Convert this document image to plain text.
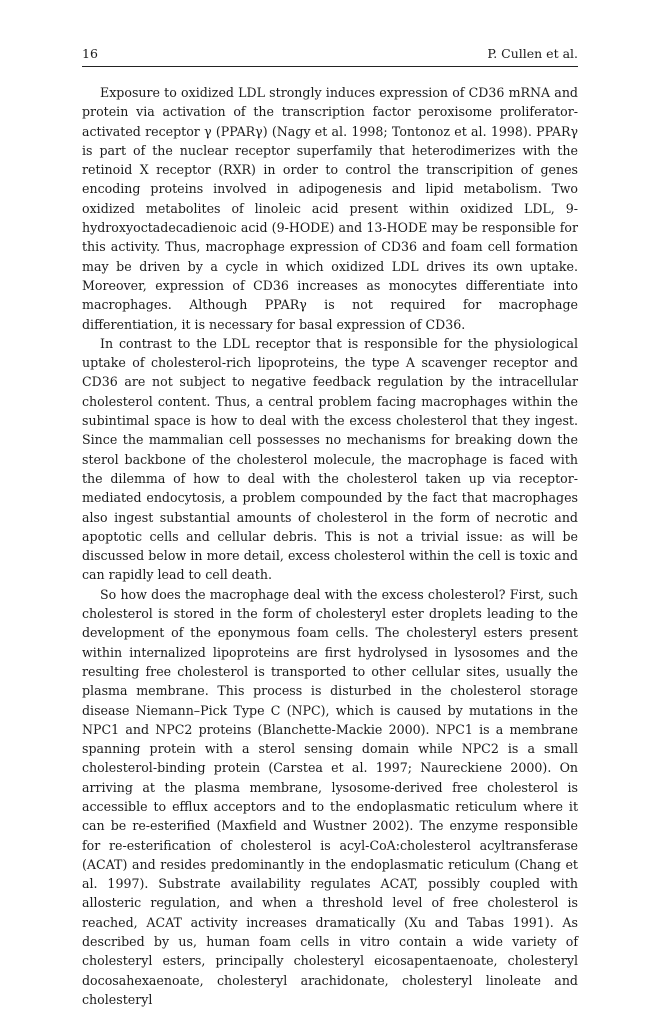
16	P. Cullen et al.

Exposure to oxidized LDL strongly induces expression of CD36 mRNA and protein via activation of the transcription factor peroxisome proliferator-activated receptor γ (PPARγ) (Nagy et al. 1998; Tontonoz et al. 1998). PPARγ is part of the nuclear receptor superfamily that heterodimerizes with the retinoid X receptor (RXR) in order to control the transcripition of genes encoding proteins involved in adipogenesis and lipid metabolism. Two oxidized metabolites of linoleic acid present within oxidized LDL, 9-hydroxyoctadecadienoic acid (9-HODE) and 13-HODE may be responsible for this activity. Thus, macrophage expression of CD36 and foam cell formation may be driven by a cycle in which oxidized LDL drives its own uptake. Moreover, expression of CD36 increases as monocytes differentiate into macrophages. Although PPARγ is not required for macrophage differentiation, it is necessary for basal expression of CD36.

In contrast to the LDL receptor that is responsible for the physiological uptake of cholesterol-rich lipoproteins, the type A scavenger receptor and CD36 are not subject to negative feedback regulation by the intracellular cholesterol content. Thus, a central problem facing macrophages within the subintimal space is how to deal with the excess cholesterol that they ingest. Since the mammalian cell possesses no mechanisms for breaking down the sterol backbone of the cholesterol molecule, the macrophage is faced with the dilemma of how to deal with the cholesterol taken up via receptor-mediated endocytosis, a problem compounded by the fact that macrophages also ingest substantial amounts of cholesterol in the form of necrotic and apoptotic cells and cellular debris. This is not a trivial issue: as will be discussed below in more detail, excess cholesterol within the cell is toxic and can rapidly lead to cell death.

So how does the macrophage deal with the excess cholesterol? First, such cholesterol is stored in the form of cholesteryl ester droplets leading to the development of the eponymous foam cells. The cholesteryl esters present within internalized lipoproteins are first hydrolysed in lysosomes and the resulting free cholesterol is transported to other cellular sites, usually the plasma membrane. This process is disturbed in the cholesterol storage disease Niemann–Pick Type C (NPC), which is caused by mutations in the NPC1 and NPC2 proteins (Blanchette-Mackie 2000). NPC1 is a membrane spanning protein with a sterol sensing domain while NPC2 is a small cholesterol-binding protein (Carstea et al. 1997; Naureckiene 2000). On arriving at the plasma membrane, lysosome-derived free cholesterol is accessible to efflux acceptors and to the endoplasmatic reticulum where it can be re-esterified (Maxfield and Wustner 2002). The enzyme responsible for re-esterification of cholesterol is acyl-CoA:cholesterol acyltransferase (ACAT) and resides predominantly in the endoplasmatic reticulum (Chang et al. 1997). Substrate availability regulates ACAT, possibly coupled with allosteric regulation, and when a threshold level of free cholesterol is reached, ACAT activity increases dramatically (Xu and Tabas 1991). As described by us, human foam cells in vitro contain a wide variety of cholesteryl esters, principally cholesteryl eicosapentaenoate, cholesteryl docosahexaenoate, cholesteryl arachidonate, cholesteryl linoleate and cholesteryl
